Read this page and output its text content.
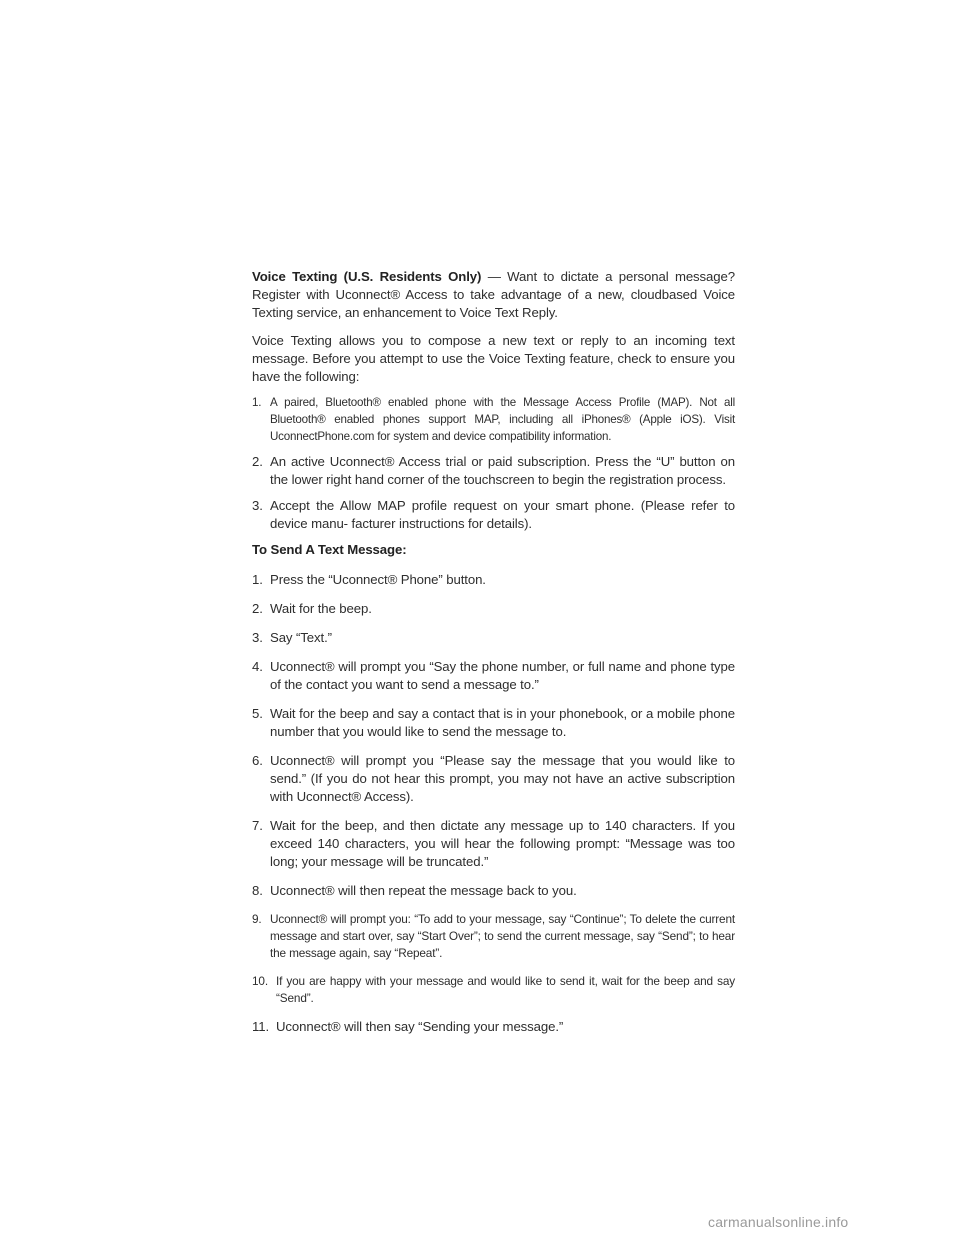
Voice Texting (U.S. Residents Only) — Want to dictate a personal message? Register with Uconnect® Access to take advantage of a new, cloudbased Voice Texting service, an enhancement to Voice Text Reply.

Voice Texting allows you to compose a new text or reply to an incoming text message. Before you attempt to use the Voice Texting feature, check to ensure you have the following:

1. A paired, Bluetooth® enabled phone with the Message Access Profile (MAP). Not all Bluetooth® enabled phones support MAP, including all iPhones® (Apple iOS). Visit UconnectPhone.com for system and device compatibility information.
2. An active Uconnect® Access trial or paid subscription. Press the “U” button on the lower right hand corner of the touchscreen to begin the registration process.
3. Accept the Allow MAP profile request on your smart phone. (Please refer to device manu- facturer instructions for details).
To Send A Text Message:
1. Press the “Uconnect® Phone” button.
2. Wait for the beep.
3. Say “Text.”
4. Uconnect® will prompt you “Say the phone number, or full name and phone type of the contact you want to send a message to.”
5. Wait for the beep and say a contact that is in your phonebook, or a mobile phone number that you would like to send the message to.
6. Uconnect® will prompt you “Please say the message that you would like to send.” (If you do not hear this prompt, you may not have an active subscription with Uconnect® Access).
7. Wait for the beep, and then dictate any message up to 140 characters. If you exceed 140 characters, you will hear the following prompt: “Message was too long; your message will be truncated.”
8. Uconnect® will then repeat the message back to you.
9. Uconnect® will prompt you: “To add to your message, say “Continue”; To delete the current message and start over, say “Start Over”; to send the current message, say “Send”; to hear the message again, say “Repeat”.
10. If you are happy with your message and would like to send it, wait for the beep and say “Send”.
11. Uconnect® will then say “Sending your message.”
carmanualsonline.info
